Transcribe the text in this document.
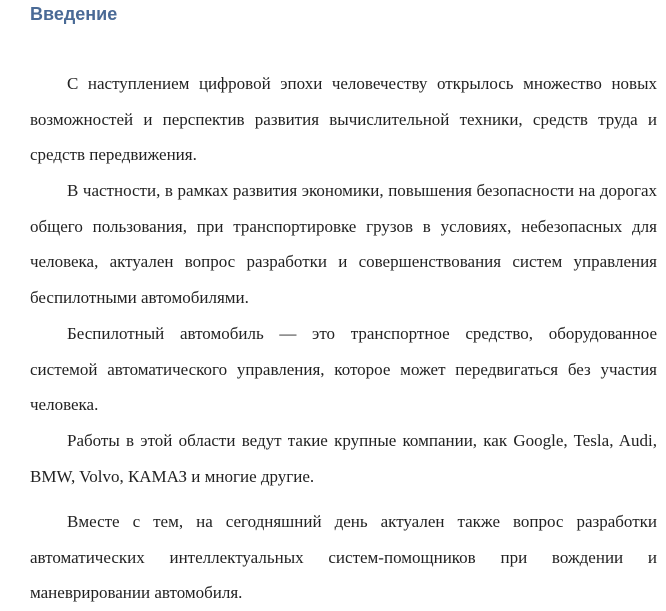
Введение

С наступлением цифровой эпохи человечеству открылось множество новых возможностей и перспектив развития вычислительной техники, средств труда и средств передвижения.

В частности, в рамках развития экономики, повышения безопасности на дорогах общего пользования, при транспортировке грузов в условиях, небезопасных для человека, актуален вопрос разработки и совершенствования систем управления беспилотными автомобилями.

Беспилотный автомобиль — это транспортное средство, оборудованное системой автоматического управления, которое может передвигаться без участия человека.

Работы в этой области ведут такие крупные компании, как Google, Tesla, Audi, BMW, Volvo, КАМАЗ и многие другие.

Вместе с тем, на сегодняшний день актуален также вопрос разработки автоматических интеллектуальных систем-помощников при вождении и маневрировании автомобиля.
